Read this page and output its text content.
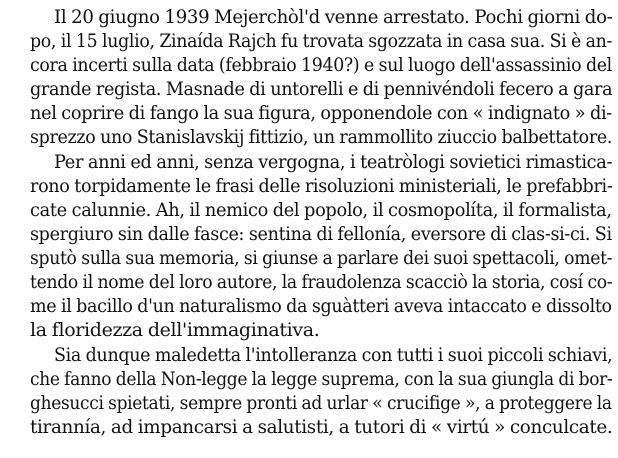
Il 20 giugno 1939 Mejerchòl'd venne arrestato. Pochi giorni do-
po, il 15 luglio, Zinaída Rajch fu trovata sgozzata in casa sua. Si è an-
cora incerti sulla data (febbraio 1940?) e sul luogo dell'assassinio del
grande regista. Masnade di untorelli e di pennivéndoli fecero a gara
nel coprire di fango la sua figura, opponendole con « indignato » di-
sprezzo uno Stanislavskij fittizio, un rammollito ziuccio balbettatore.
Per anni ed anni, senza vergogna, i teatròlogi sovietici rimastica-
rono torpidamente le frasi delle risoluzioni ministeriali, le prefabbri-
cate calunnie. Ah, il nemico del popolo, il cosmopolíta, il formalista,
spergiuro sin dalle fasce: sentina di fellonía, eversore di clas-si-ci. Si
sputò sulla sua memoria, si giunse a parlare dei suoi spettacoli, omet-
tendo il nome del loro autore, la fraudolenza scacciò la storia, cosí co-
me il bacillo d'un naturalismo da sguàtteri aveva intaccato e dissolto
la floridezza dell'immaginativa.
Sia dunque maledetta l'intolleranza con tutti i suoi piccoli schiavi,
che fanno della Non-legge la legge suprema, con la sua giungla di bor-
ghesucci spietati, sempre pronti ad urlar « crucifige », a proteggere la
tirannía, ad impancarsi a salutisti, a tutori di « virtú » conculcate.
